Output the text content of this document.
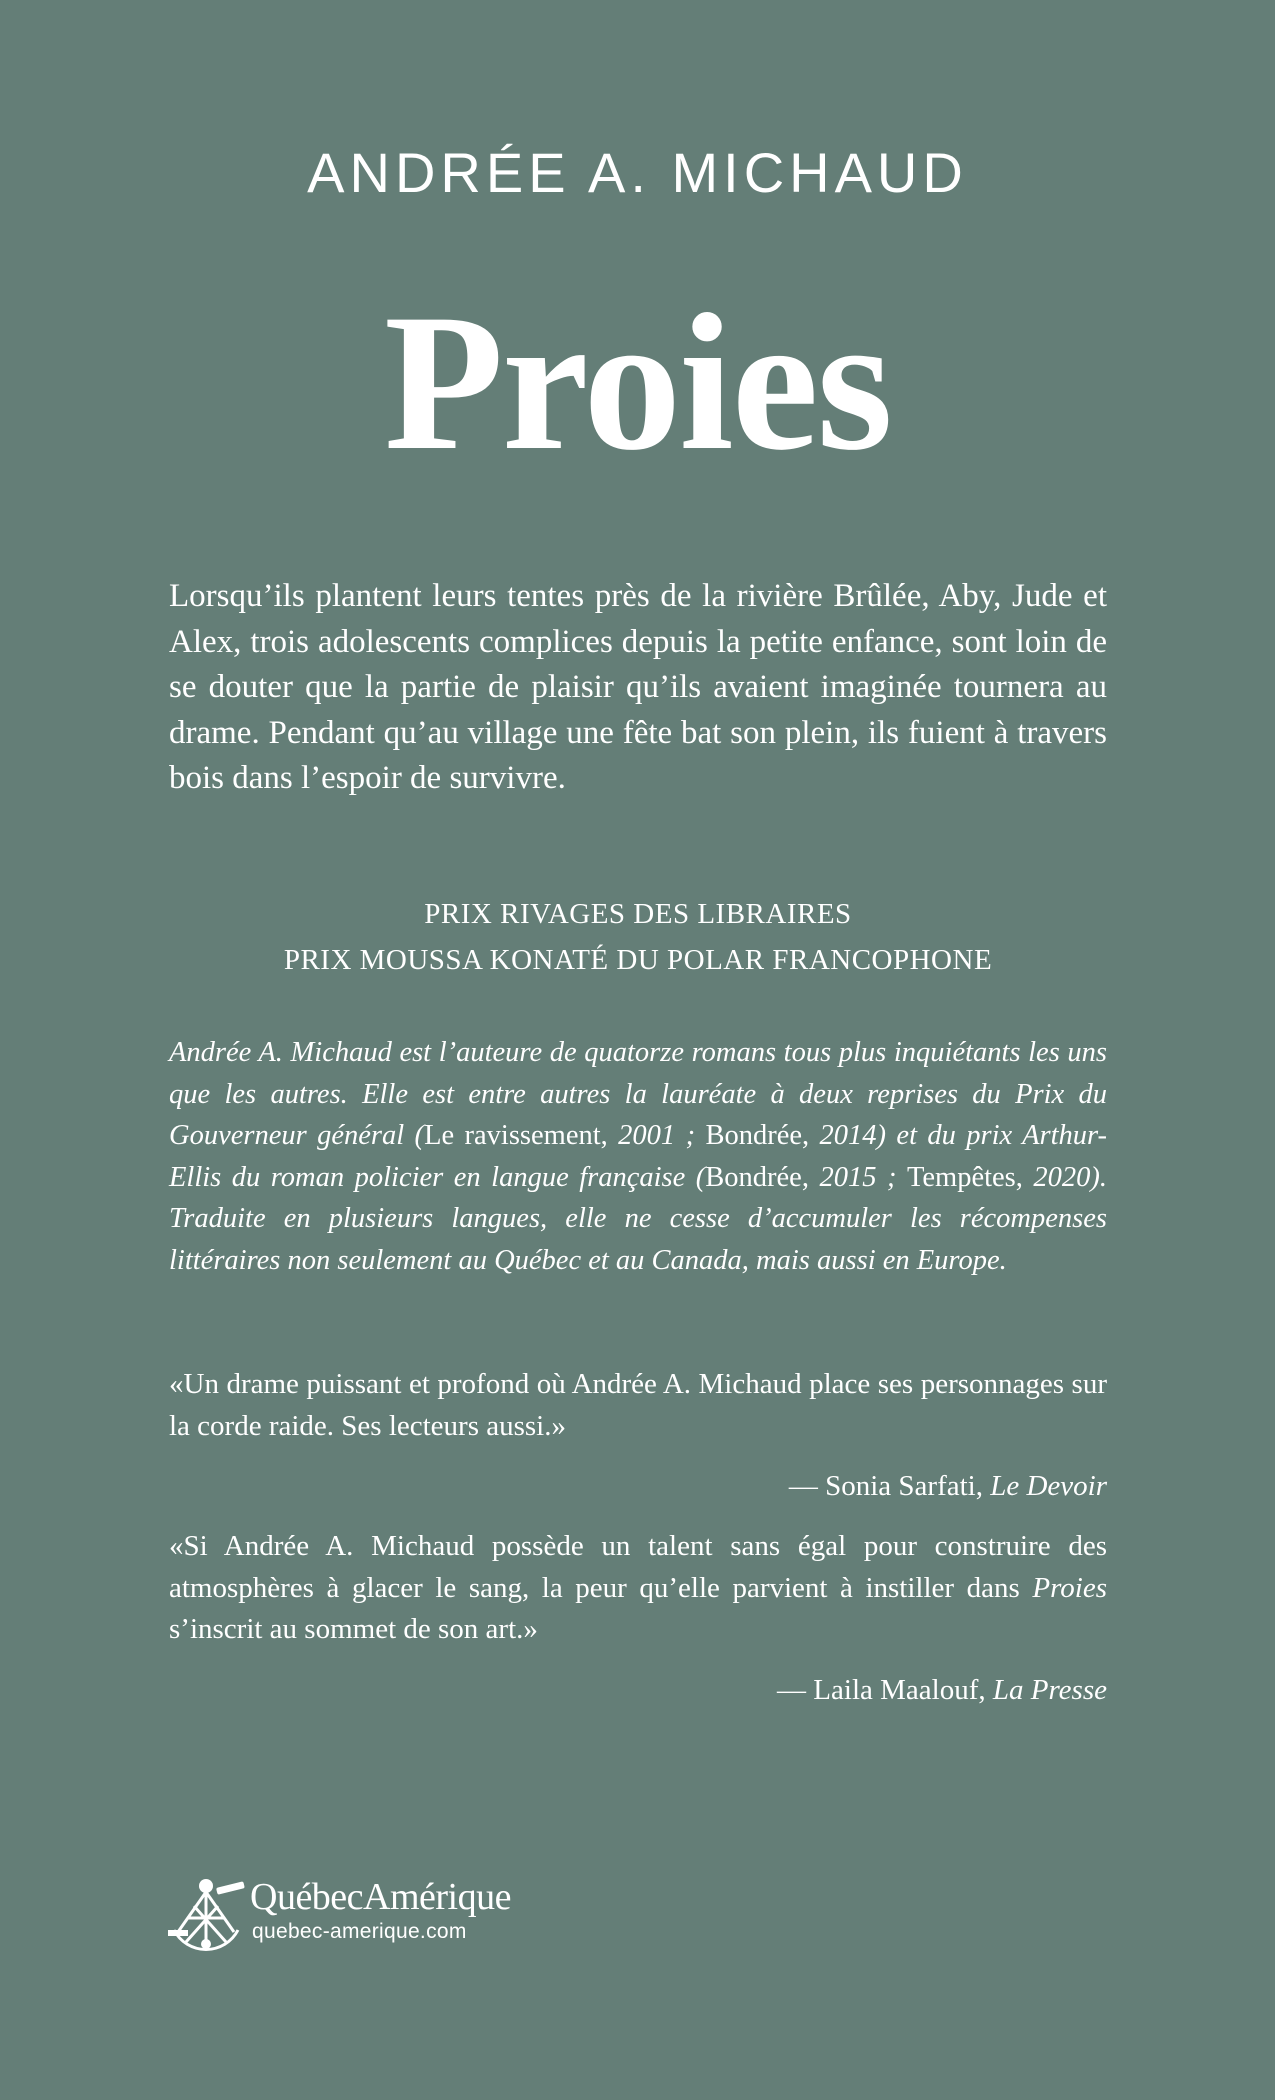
ANDRÉE A. MICHAUD
Proies

Lorsqu’ils plantent leurs tentes près de la rivière Brûlée, Aby, Jude et Alex, trois adolescents complices depuis la petite enfance, sont loin de se douter que la partie de plaisir qu’ils avaient imaginée tournera au drame. Pendant qu’au village une fête bat son plein, ils fuient à travers bois dans l’espoir de survivre.

PRIX RIVAGES DES LIBRAIRES
PRIX MOUSSA KONATÉ DU POLAR FRANCOPHONE

Andrée A. Michaud est l’auteure de quatorze romans tous plus inquiétants les uns que les autres. Elle est entre autres la lauréate à deux reprises du Prix du Gouverneur général (Le ravissement, 2001 ; Bondrée, 2014) et du prix Arthur-Ellis du roman policier en langue française (Bondrée, 2015 ; Tempêtes, 2020). Traduite en plusieurs langues, elle ne cesse d’accumuler les récompenses littéraires non seulement au Québec et au Canada, mais aussi en Europe.

«Un drame puissant et profond où Andrée A. Michaud place ses personnages sur la corde raide. Ses lecteurs aussi.»

— Sonia Sarfati, Le Devoir

«Si Andrée A. Michaud possède un talent sans égal pour construire des atmosphères à glacer le sang, la peur qu’elle parvient à instiller dans Proies s’inscrit au sommet de son art.»

— Laila Maalouf, La Presse
QuébecAmérique
quebec-amerique.com
